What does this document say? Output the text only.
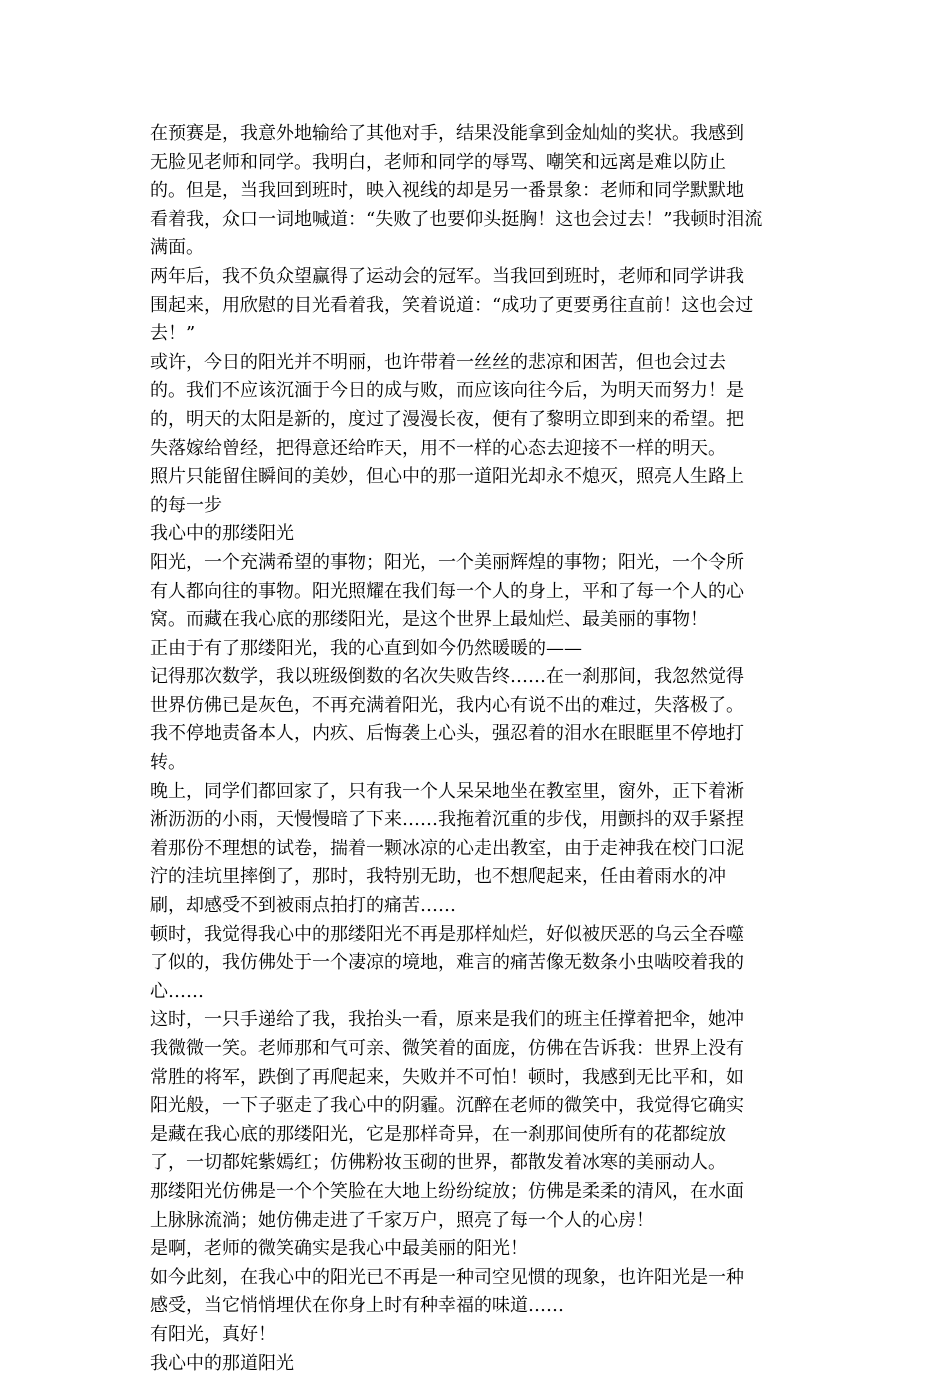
在预赛是，我意外地输给了其他对手，结果没能拿到金灿灿的奖状。我感到
无脸见老师和同学。我明白，老师和同学的辱骂、嘲笑和远离是难以防止
的。但是，当我回到班时，映入视线的却是另一番景象：老师和同学默默地
看着我，众口一词地喊道：“失败了也要仰头挺胸！这也会过去！”我顿时泪流
满面。
两年后，我不负众望赢得了运动会的冠军。当我回到班时，老师和同学讲我
围起来，用欣慰的目光看着我，笑着说道：“成功了更要勇往直前！这也会过
去！”
或许，今日的阳光并不明丽，也许带着一丝丝的悲凉和困苦，但也会过去
的。我们不应该沉湎于今日的成与败，而应该向往今后，为明天而努力！是
的，明天的太阳是新的，度过了漫漫长夜，便有了黎明立即到来的希望。把
失落嫁给曾经，把得意还给昨天，用不一样的心态去迎接不一样的明天。
照片只能留住瞬间的美妙，但心中的那一道阳光却永不熄灭，照亮人生路上
的每一步
我心中的那缕阳光
阳光，一个充满希望的事物；阳光，一个美丽辉煌的事物；阳光，一个令所
有人都向往的事物。阳光照耀在我们每一个人的身上，平和了每一个人的心
窝。而藏在我心底的那缕阳光，是这个世界上最灿烂、最美丽的事物！
正由于有了那缕阳光，我的心直到如今仍然暖暖的——
记得那次数学，我以班级倒数的名次失败告终……在一刹那间，我忽然觉得
世界仿佛已是灰色，不再充满着阳光，我内心有说不出的难过，失落极了。
我不停地责备本人，内疚、后悔袭上心头，强忍着的泪水在眼眶里不停地打
转。
晚上，同学们都回家了，只有我一个人呆呆地坐在教室里，窗外，正下着淅
淅沥沥的小雨，天慢慢暗了下来……我拖着沉重的步伐，用颤抖的双手紧捏
着那份不理想的试卷，揣着一颗冰凉的心走出教室，由于走神我在校门口泥
泞的洼坑里摔倒了，那时，我特别无助，也不想爬起来，任由着雨水的冲
刷，却感受不到被雨点拍打的痛苦……
顿时，我觉得我心中的那缕阳光不再是那样灿烂，好似被厌恶的乌云全吞噬
了似的，我仿佛处于一个凄凉的境地，难言的痛苦像无数条小虫啮咬着我的
心……
这时，一只手递给了我，我抬头一看，原来是我们的班主任撑着把伞，她冲
我微微一笑。老师那和气可亲、微笑着的面庞，仿佛在告诉我：世界上没有
常胜的将军，跌倒了再爬起来，失败并不可怕！顿时，我感到无比平和，如
阳光般，一下子驱走了我心中的阴霾。沉醉在老师的微笑中，我觉得它确实
是藏在我心底的那缕阳光，它是那样奇异，在一刹那间使所有的花都绽放
了，一切都姹紫嫣红；仿佛粉妆玉砌的世界，都散发着冰寒的美丽动人。
那缕阳光仿佛是一个个笑脸在大地上纷纷绽放；仿佛是柔柔的清风，在水面
上脉脉流淌；她仿佛走进了千家万户，照亮了每一个人的心房！
是啊，老师的微笑确实是我心中最美丽的阳光！
如今此刻，在我心中的阳光已不再是一种司空见惯的现象，也许阳光是一种
感受，当它悄悄埋伏在你身上时有种幸福的味道……
有阳光，真好！
我心中的那道阳光
